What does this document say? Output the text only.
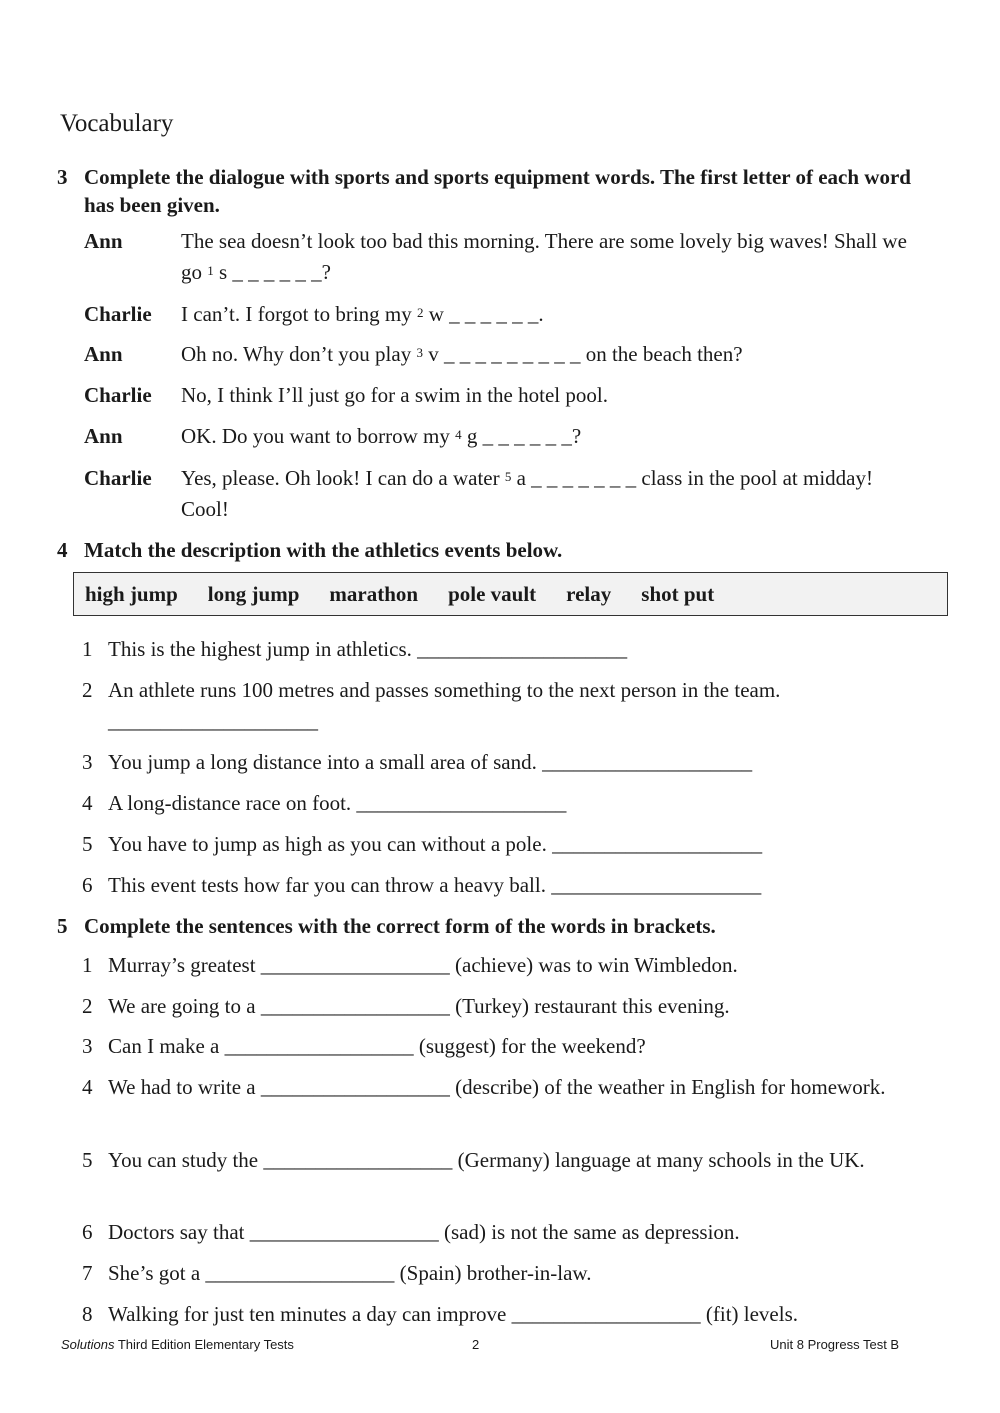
Vocabulary
3 Complete the dialogue with sports and sports equipment words. The first letter of each word has been given.
Ann	The sea doesn’t look too bad this morning. There are some lovely big waves! Shall we go $^1$ s _ _ _ _ _ _?
Charlie I can’t. I forgot to bring my $^2$ w _ _ _ _ _ _.
Ann	Oh no. Why don’t you play $^3$ v _ _ _ _ _ _ _ _ _ on the beach then?
Charlie No, I think I’ll just go for a swim in the hotel pool.
Ann	OK. Do you want to borrow my $^4$ g _ _ _ _ _ _?
Charlie Yes, please. Oh look! I can do a water $^5$ a _ _ _ _ _ _ _ class in the pool at midday! Cool!
4 Match the description with the athletics events below.
high jump long jump marathon pole vault relay shot put
1 This is the highest jump in athletics. ____________________
2 An athlete runs 100 metres and passes something to the next person in the team. ____________________
3 You jump a long distance into a small area of sand. ____________________
4 A long-distance race on foot. ____________________
5 You have to jump as high as you can without a pole. ____________________
6 This event tests how far you can throw a heavy ball. ____________________
5 Complete the sentences with the correct form of the words in brackets.
1 Murray’s greatest __________________ (achieve) was to win Wimbledon.
2 We are going to a __________________ (Turkey) restaurant this evening.
3 Can I make a __________________ (suggest) for the weekend?
4 We had to write a __________________ (describe) of the weather in English for homework.
5 You can study the __________________ (Germany) language at many schools in the UK.
6 Doctors say that __________________ (sad) is not the same as depression.
7 She’s got a __________________ (Spain) brother-in-law.
8 Walking for just ten minutes a day can improve __________________ (fit) levels.
Solutions Third Edition Elementary Tests	2	Unit 8 Progress Test B
